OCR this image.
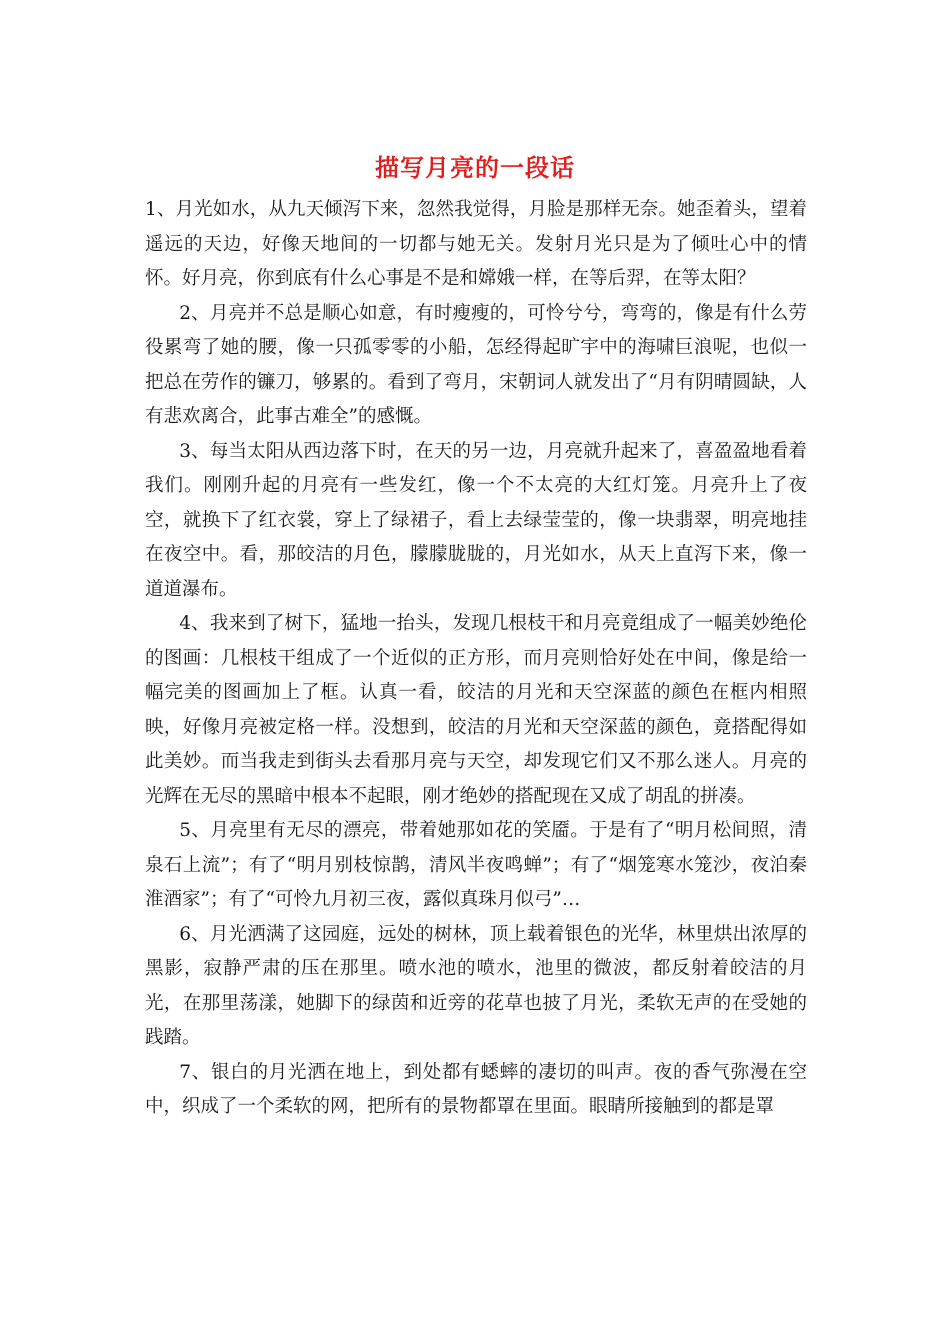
描写月亮的一段话

1、月光如水，从九天倾泻下来，忽然我觉得，月脸是那样无奈。她歪着头，望着遥远的天边，好像天地间的一切都与她无关。发射月光只是为了倾吐心中的情怀。好月亮，你到底有什么心事是不是和嫦娥一样，在等后羿，在等太阳？

2、月亮并不总是顺心如意，有时瘦瘦的，可怜兮兮，弯弯的，像是有什么劳役累弯了她的腰，像一只孤零零的小船，怎经得起旷宇中的海啸巨浪呢，也似一把总在劳作的镰刀，够累的。看到了弯月，宋朝词人就发出了“月有阴晴圆缺，人有悲欢离合，此事古难全”的感慨。

3、每当太阳从西边落下时，在天的另一边，月亮就升起来了，喜盈盈地看着我们。刚刚升起的月亮有一些发红，像一个不太亮的大红灯笼。月亮升上了夜空，就换下了红衣裳，穿上了绿裙子，看上去绿莹莹的，像一块翡翠，明亮地挂在夜空中。看，那皎洁的月色，朦朦胧胧的，月光如水，从天上直泻下来，像一道道瀑布。

4、我来到了树下，猛地一抬头，发现几根枝干和月亮竟组成了一幅美妙绝伦的图画：几根枝干组成了一个近似的正方形，而月亮则恰好处在中间，像是给一幅完美的图画加上了框。认真一看，皎洁的月光和天空深蓝的颜色在框内相照映，好像月亮被定格一样。没想到，皎洁的月光和天空深蓝的颜色，竟搭配得如此美妙。而当我走到街头去看那月亮与天空，却发现它们又不那么迷人。月亮的光辉在无尽的黑暗中根本不起眼，刚才绝妙的搭配现在又成了胡乱的拼凑。

5、月亮里有无尽的漂亮，带着她那如花的笑靥。于是有了“明月松间照，清泉石上流”；有了“明月别枝惊鹊，清风半夜鸣蝉”；有了“烟笼寒水笼沙，夜泊秦淮酒家”；有了“可怜九月初三夜，露似真珠月似弓”…

6、月光洒满了这园庭，远处的树林，顶上载着银色的光华，林里烘出浓厚的黑影，寂静严肃的压在那里。喷水池的喷水，池里的微波，都反射着皎洁的月光，在那里荡漾，她脚下的绿茵和近旁的花草也披了月光，柔软无声的在受她的践踏。

7、银白的月光洒在地上，到处都有蟋蟀的凄切的叫声。夜的香气弥漫在空中，织成了一个柔软的网，把所有的景物都罩在里面。眼睛所接触到的都是罩
